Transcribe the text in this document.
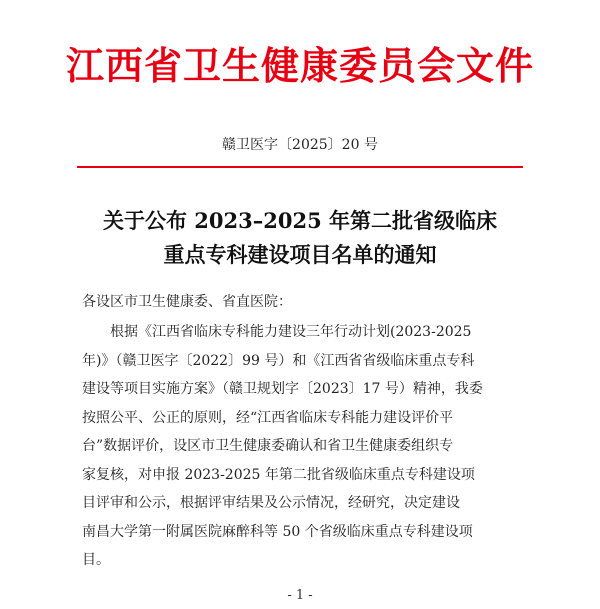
江西省卫生健康委员会文件
赣卫医字〔2025〕20 号
关于公布 2023–2025 年第二批省级临床
重点专科建设项目名单的通知
各设区市卫生健康委、省直医院：
根据《江西省临床专科能力建设三年行动计划(2023-2025
年)》（赣卫医字〔2022〕99 号）和《江西省省级临床重点专科
建设等项目实施方案》（赣卫规划字〔2023〕17 号）精神，我委
按照公平、公正的原则，经“江西省临床专科能力建设评价平
台”数据评价，设区市卫生健康委确认和省卫生健康委组织专
家复核，对申报 2023-2025 年第二批省级临床重点专科建设项
目评审和公示，根据评审结果及公示情况，经研究，决定建设
南昌大学第一附属医院麻醉科等 50 个省级临床重点专科建设项
目。
- 1 -
